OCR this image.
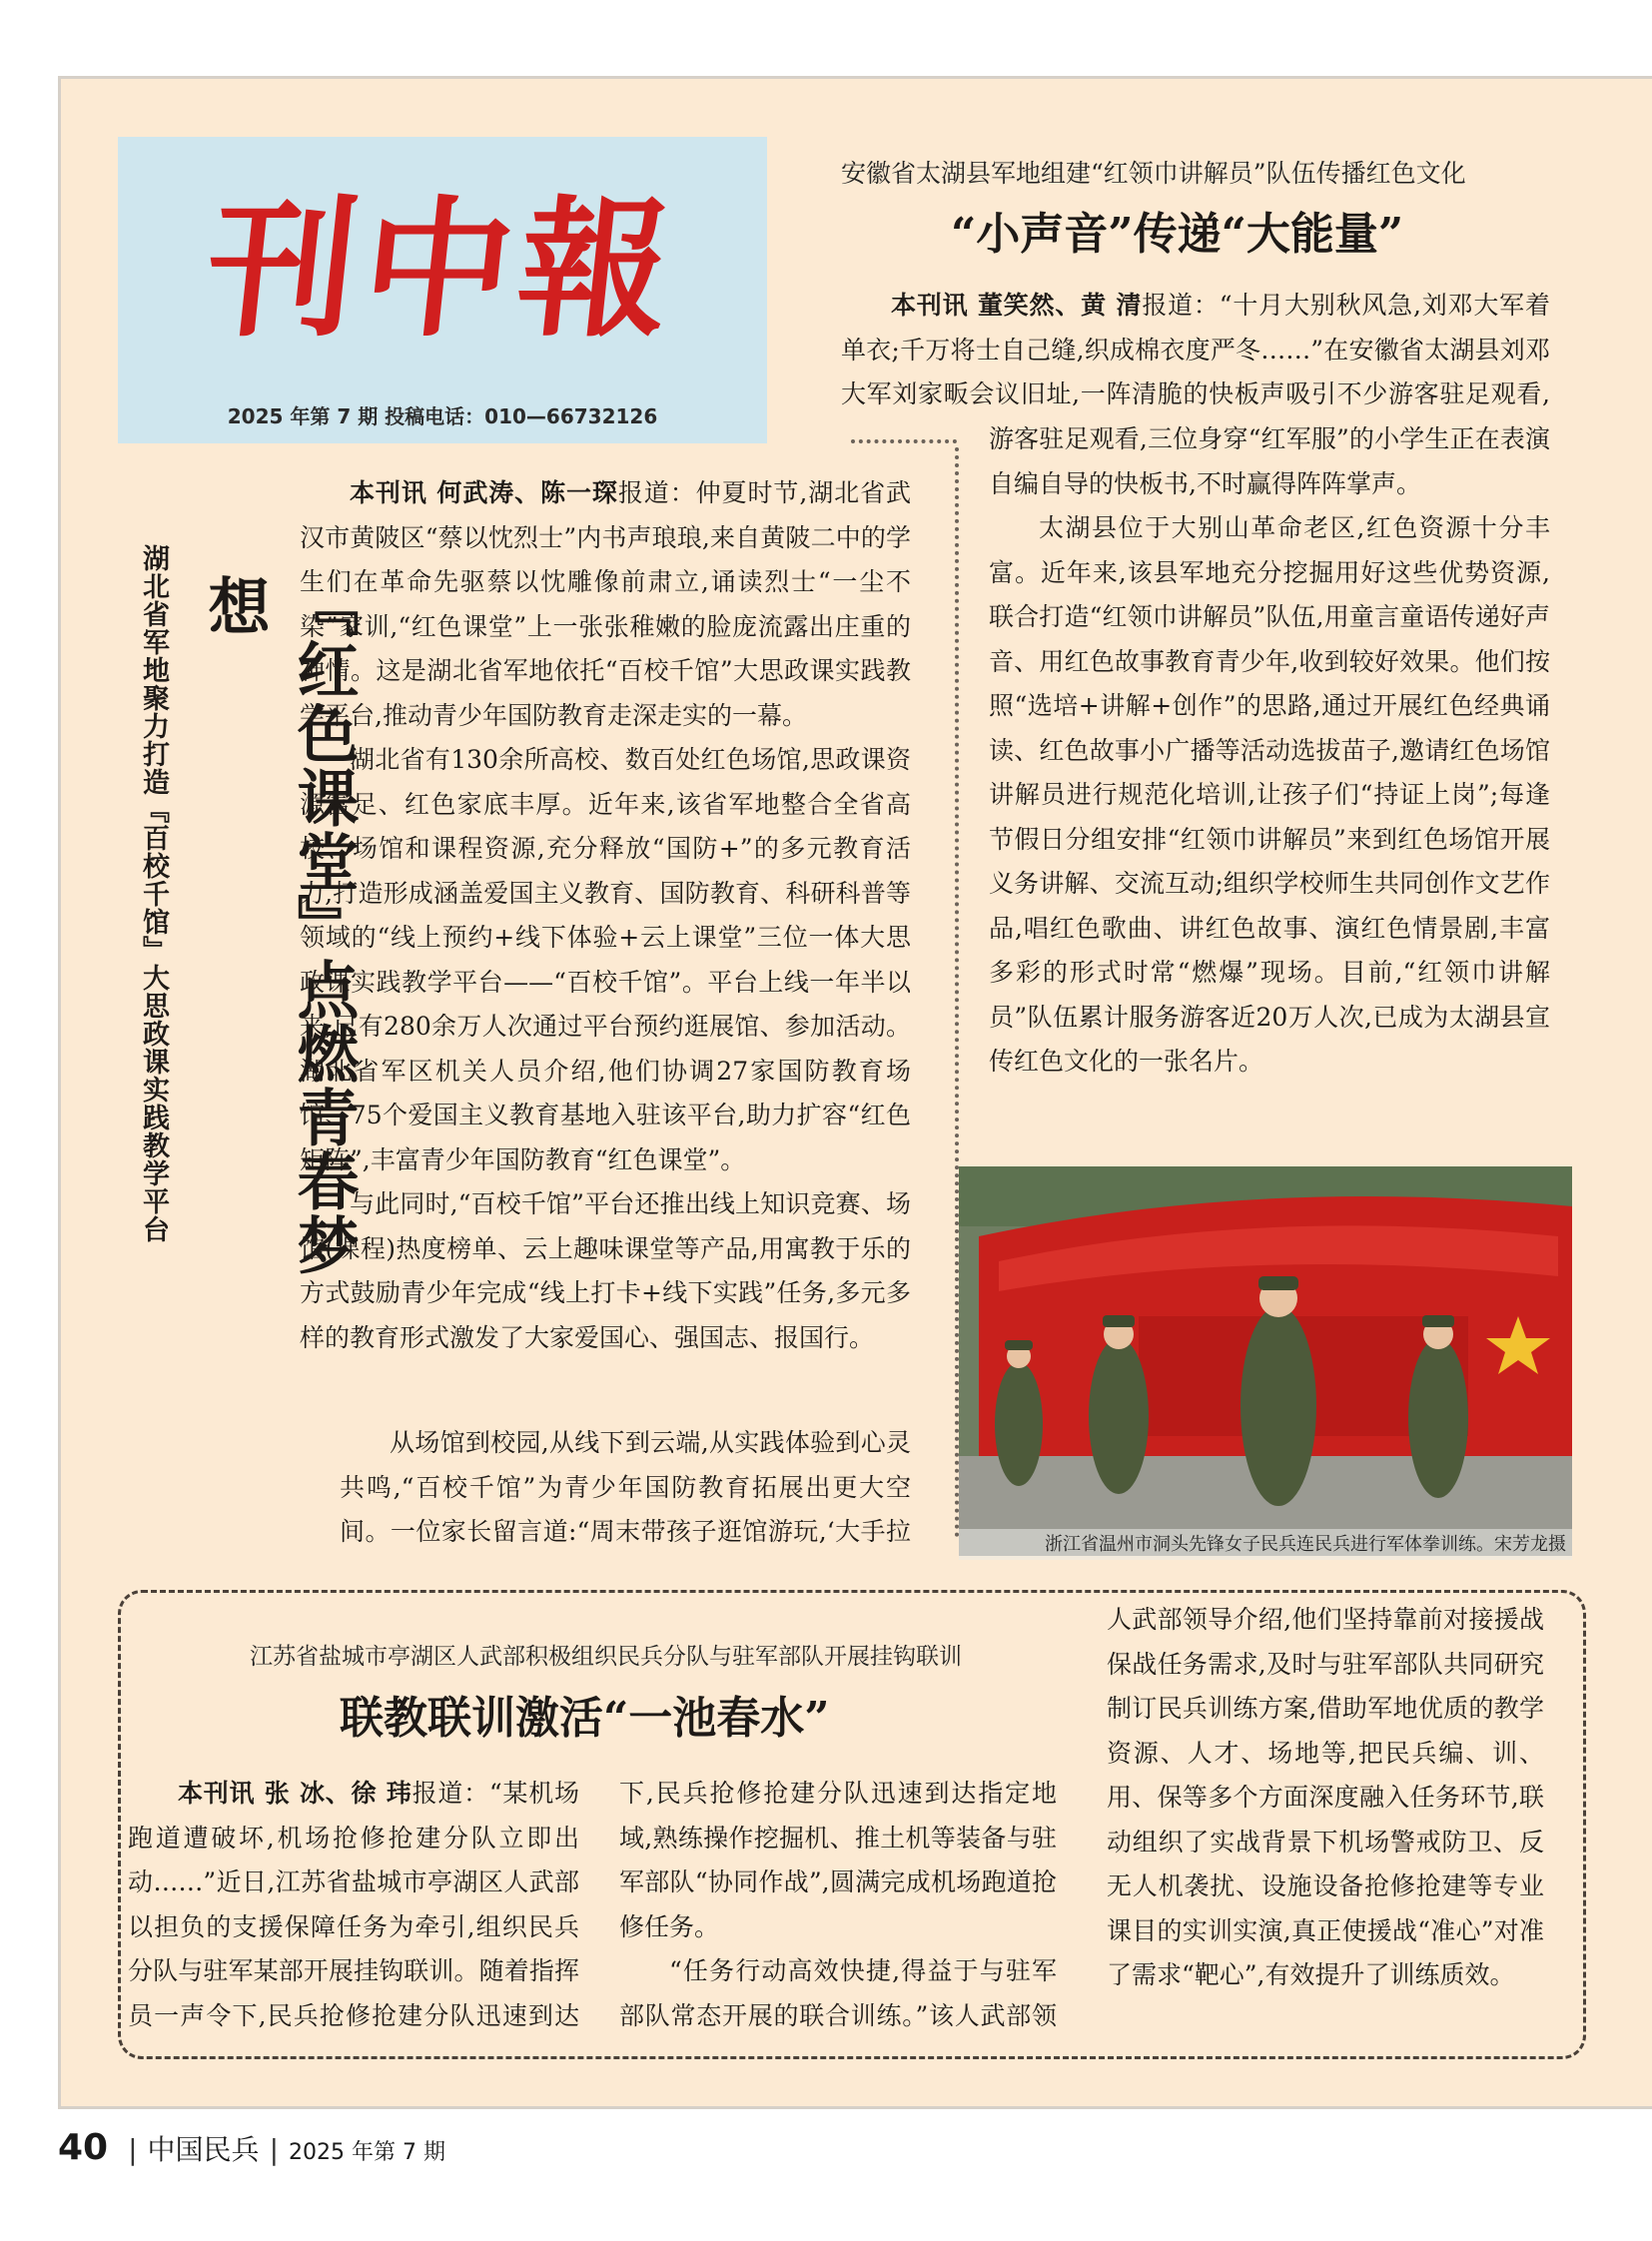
刊中報
2025 年第 7 期 投稿电话：010—66732126
安徽省太湖县军地组建“红领巾讲解员”队伍传播红色文化
“小声音”传递“大能量”

本刊讯 董笑然、黄 清报道：“十月大别秋风急,刘邓大军着单衣;千万将士自己缝,织成棉衣度严冬……”在安徽省太湖县刘邓大军刘家畈会议旧址,一阵清脆的快板声吸引不少游客驻足观看,

游客驻足观看,三位身穿“红军服”的小学生正在表演自编自导的快板书,不时赢得阵阵掌声。

太湖县位于大别山革命老区,红色资源十分丰富。近年来,该县军地充分挖掘用好这些优势资源,联合打造“红领巾讲解员”队伍,用童言童语传递好声音、用红色故事教育青少年,收到较好效果。他们按照“选培+讲解+创作”的思路,通过开展红色经典诵读、红色故事小广播等活动选拔苗子,邀请红色场馆讲解员进行规范化培训,让孩子们“持证上岗”;每逢节假日分组安排“红领巾讲解员”来到红色场馆开展义务讲解、交流互动;组织学校师生共同创作文艺作品,唱红色歌曲、讲红色故事、演红色情景剧,丰富多彩的形式时常“燃爆”现场。目前,“红领巾讲解员”队伍累计服务游客近20万人次,已成为太湖县宣传红色文化的一张名片。

湖北省军地聚力打造『百校千馆』大思政课实践教学平台	『红色课堂』点燃青春梦想

本刊讯 何武涛、陈一琛报道：仲夏时节,湖北省武汉市黄陂区“蔡以忱烈士”内书声琅琅,来自黄陂二中的学生们在革命先驱蔡以忱雕像前肃立,诵读烈士“一尘不染”家训,“红色课堂”上一张张稚嫩的脸庞流露出庄重的神情。这是湖北省军地依托“百校千馆”大思政课实践教学平台,推动青少年国防教育走深走实的一幕。

湖北省有130余所高校、数百处红色场馆,思政课资源富足、红色家底丰厚。近年来,该省军地整合全省高校、场馆和课程资源,充分释放“国防+”的多元教育活力,打造形成涵盖爱国主义教育、国防教育、科研科普等领域的“线上预约+线下体验+云上课堂”三位一体大思政课实践教学平台——“百校千馆”。平台上线一年半以来,已有280余万人次通过平台预约逛展馆、参加活动。湖北省军区机关人员介绍,他们协调27家国防教育场馆、75个爱国主义教育基地入驻该平台,助力扩容“红色矩阵”,丰富青少年国防教育“红色课堂”。

与此同时,“百校千馆”平台还推出线上知识竞赛、场馆(课程)热度榜单、云上趣味课堂等产品,用寓教于乐的方式鼓励青少年完成“线上打卡+线下实践”任务,多元多样的教育形式激发了大家爱国心、强国志、报国行。

从场馆到校园,从线下到云端,从实践体验到心灵共鸣,“百校千馆”为青少年国防教育拓展出更大空间。一位家长留言道:“周末带孩子逛馆游玩,‘大手拉	浙江省温州市洞头先锋女子民兵连民兵进行军体拳训练。宋芳龙摄
江苏省盐城市亭湖区人武部积极组织民兵分队与驻军部队开展挂钩联训
联教联训激活“一池春水”

本刊讯 张 冰、徐 玮报道：“某机场跑道遭破坏,机场抢修抢建分队立即出动……”近日,江苏省盐城市亭湖区人武部以担负的支援保障任务为牵引,组织民兵分队与驻军某部开展挂钩联训。随着指挥员一声令下,民兵抢修抢建分队迅速到达

下,民兵抢修抢建分队迅速到达指定地域,熟练操作挖掘机、推土机等装备与驻军部队“协同作战”,圆满完成机场跑道抢修任务。

“任务行动高效快捷,得益于与驻军部队常态开展的联合训练。”该人武部领

人武部领导介绍,他们坚持靠前对接援战保战任务需求,及时与驻军部队共同研究制订民兵训练方案,借助军地优质的教学资源、人才、场地等,把民兵编、训、用、保等多个方面深度融入任务环节,联动组织了实战背景下机场警戒防卫、反无人机袭扰、设施设备抢修抢建等专业课目的实训实演,真正使援战“准心”对准了需求“靶心”,有效提升了训练质效。

40 | 中国民兵 | 2025 年第 7 期
